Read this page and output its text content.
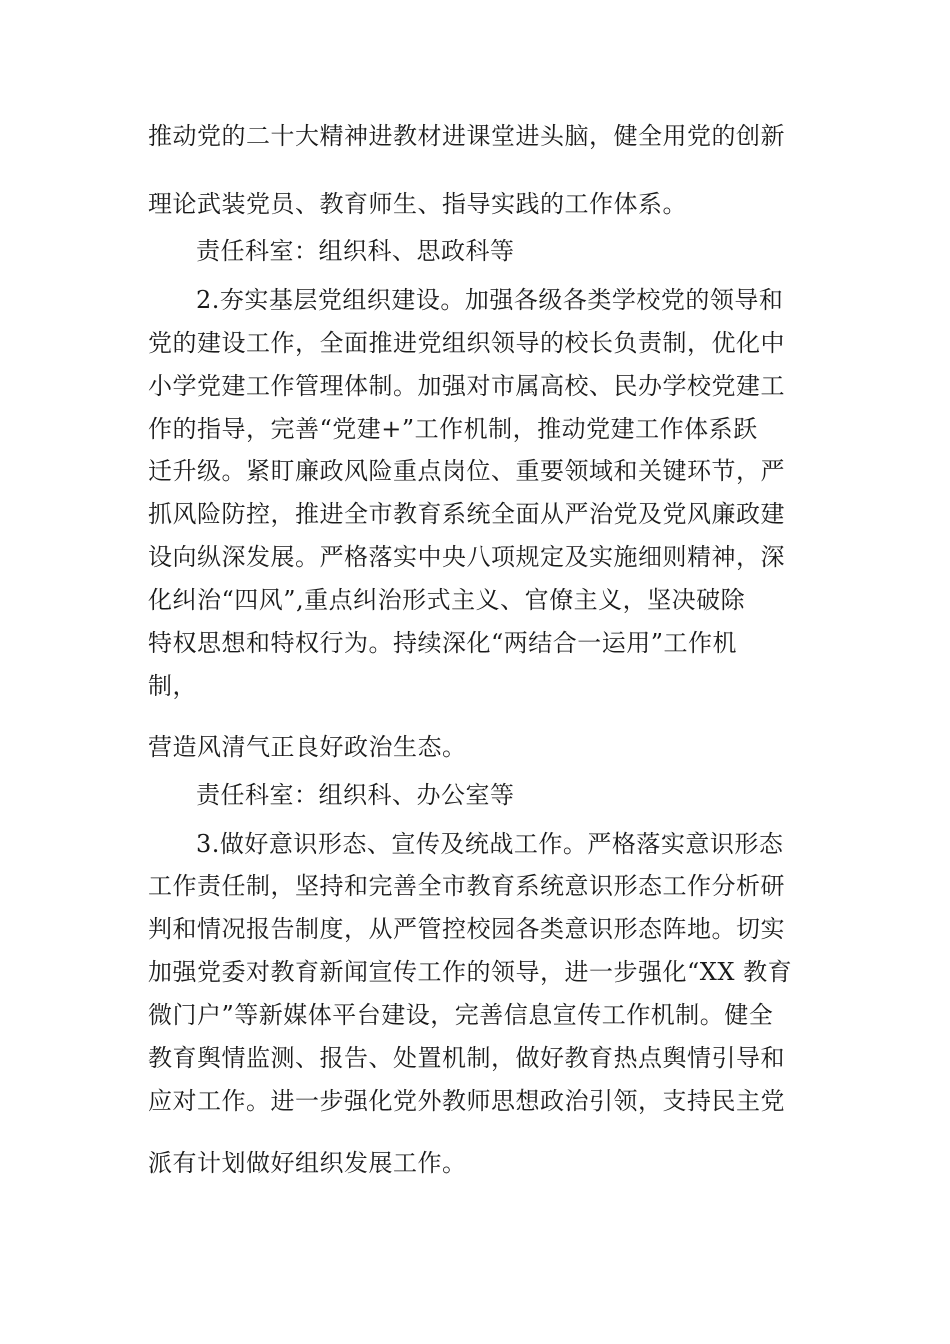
推动党的二十大精神进教材进课堂进头脑，健全用党的创新
理论武装党员、教育师生、指导实践的工作体系。
责任科室：组织科、思政科等
2.夯实基层党组织建设。加强各级各类学校党的领导和
党的建设工作，全面推进党组织领导的校长负责制，优化中
小学党建工作管理体制。加强对市属高校、民办学校党建工
作的指导，完善“党建+”工作机制，推动党建工作体系跃
迁升级。紧盯廉政风险重点岗位、重要领域和关键环节，严
抓风险防控，推进全市教育系统全面从严治党及党风廉政建
设向纵深发展。严格落实中央八项规定及实施细则精神，深
化纠治“四风”,重点纠治形式主义、官僚主义，坚决破除
特权思想和特权行为。持续深化“两结合一运用”工作机
制，
营造风清气正良好政治生态。
责任科室：组织科、办公室等
3.做好意识形态、宣传及统战工作。严格落实意识形态
工作责任制，坚持和完善全市教育系统意识形态工作分析研
判和情况报告制度，从严管控校园各类意识形态阵地。切实
加强党委对教育新闻宣传工作的领导，进一步强化“XX 教育
微门户”等新媒体平台建设，完善信息宣传工作机制。健全
教育舆情监测、报告、处置机制，做好教育热点舆情引导和
应对工作。进一步强化党外教师思想政治引领，支持民主党
派有计划做好组织发展工作。
